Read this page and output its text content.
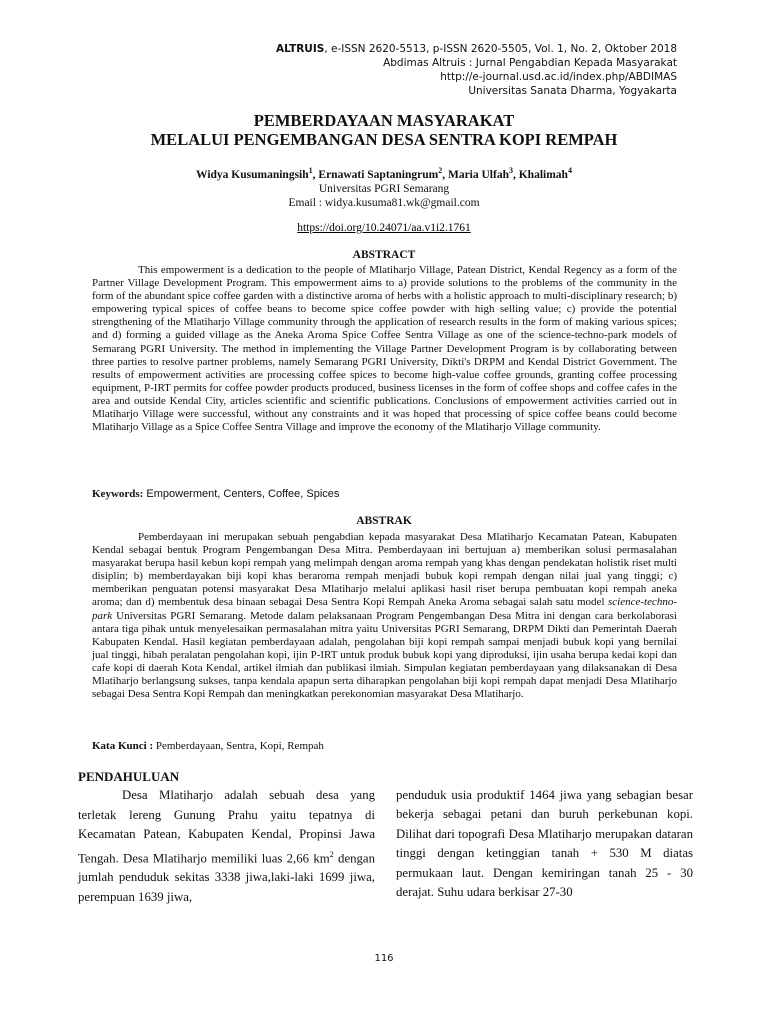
ALTRUIS, e-ISSN 2620-5513, p-ISSN 2620-5505, Vol. 1, No. 2, Oktober 2018
Abdimas Altruis : Jurnal Pengabdian Kepada Masyarakat
http://e-journal.usd.ac.id/index.php/ABDIMAS
Universitas Sanata Dharma, Yogyakarta
PEMBERDAYAAN MASYARAKAT
MELALUI PENGEMBANGAN DESA SENTRA KOPI REMPAH
Widya Kusumaningsih$^1$, Ernawati Saptaningrum$^2$, Maria Ulfah$^3$, Khalimah$^4$
Universitas PGRI Semarang
Email : widya.kusuma81.wk@gmail.com
https://doi.org/10.24071/aa.v1i2.1761
ABSTRACT
This empowerment is a dedication to the people of Mlatiharjo Village, Patean District, Kendal Regency as a form of the Partner Village Development Program. This empowerment aims to a) provide solutions to the problems of the community in the form of the abundant spice coffee garden with a distinctive aroma of herbs with a holistic approach to multi-disciplinary research; b) empowering typical spices of coffee beans to become spice coffee powder with high selling value; c) provide the potential strengthening of the Mlatiharjo Village community through the application of research results in the form of making various spices; and d) forming a guided village as the Aneka Aroma Spice Coffee Sentra Village as one of the science-techno-park models of Semarang PGRI University. The method in implementing the Village Partner Development Program is by collaborating between three parties to resolve partner problems, namely Semarang PGRI University, Dikti's DRPM and Kendal District Government. The results of empowerment activities are processing coffee spices to become high-value coffee grounds, granting coffee processing equipment, P-IRT permits for coffee powder products produced, business licenses in the form of coffee shops and coffee cafes in the area and outside Kendal City, articles scientific and scientific publications. Conclusions of empowerment activities carried out in Mlatiharjo Village were successful, without any constraints and it was hoped that processing of spice coffee beans could become Mlatiharjo Village as a Spice Coffee Sentra Village and improve the economy of the Mlatiharjo Village community.
Keywords: Empowerment, Centers, Coffee, Spices
ABSTRAK
Pemberdayaan ini merupakan sebuah pengabdian kepada masyarakat Desa Mlatiharjo Kecamatan Patean, Kabupaten Kendal sebagai bentuk Program Pengembangan Desa Mitra. Pemberdayaan ini bertujuan a) memberikan solusi permasalahan masyarakat berupa hasil kebun kopi rempah yang melimpah dengan aroma rempah yang khas dengan pendekatan holistik riset multi disiplin; b) memberdayakan biji kopi khas beraroma rempah menjadi bubuk kopi rempah dengan nilai jual yang tinggi; c) memberikan penguatan potensi masyarakat Desa Mlatiharjo melalui aplikasi hasil riset berupa pembuatan kopi rempah aneka aroma; dan d) membentuk desa binaan sebagai Desa Sentra Kopi Rempah Aneka Aroma sebagai salah satu model science-techno-park Universitas PGRI Semarang. Metode dalam pelaksanaan Program Pengembangan Desa Mitra ini dengan cara berkolaborasi antara tiga pihak untuk menyelesaikan permasalahan mitra yaitu Universitas PGRI Semarang, DRPM Dikti dan Pemerintah Daerah Kabupaten Kendal. Hasil kegiatan pemberdayaan adalah, pengolahan biji kopi rempah sampai menjadi bubuk kopi yang bernilai jual tinggi, hibah peralatan pengolahan kopi, ijin P-IRT untuk produk bubuk kopi yang diproduksi, ijin usaha berupa kedai kopi dan cafe kopi di daerah Kota Kendal, artikel ilmiah dan publikasi ilmiah. Simpulan kegiatan pemberdayaan yang dilaksanakan di Desa Mlatiharjo berlangsung sukses, tanpa kendala apapun serta diharapkan pengolahan biji kopi rempah dapat menjadi Desa Mlatiharjo sebagai Desa Sentra Kopi Rempah dan meningkatkan perekonomian masyarakat Desa Mlatiharjo.
Kata Kunci : Pemberdayaan, Sentra, Kopi, Rempah
PENDAHULUAN
Desa Mlatiharjo adalah sebuah desa yang terletak lereng Gunung Prahu yaitu tepatnya di Kecamatan Patean, Kabupaten Kendal, Propinsi Jawa Tengah. Desa Mlatiharjo memiliki luas 2,66 $km^2$ dengan jumlah penduduk sekitas 3338 jiwa,laki-laki 1699 jiwa, perempuan 1639 jiwa,
penduduk usia produktif 1464 jiwa yang sebagian besar bekerja sebagai petani dan buruh perkebunan kopi. Dilihat dari topografi Desa Mlatiharjo merupakan dataran tinggi dengan ketinggian tanah + 530 M diatas permukaan laut. Dengan kemiringan tanah 25 - 30 derajat. Suhu udara berkisar 27-30
116
